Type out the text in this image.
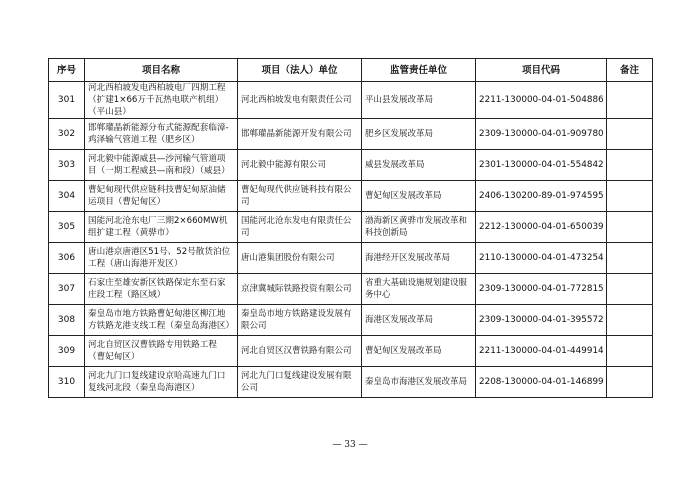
序号	项目名称	项目（法人）单位	监管责任单位	项目代码	备注
301	河北西柏坡发电西柏坡电厂四期工程（扩建1×66万千瓦热电联产机组）（平山县）	河北西柏坡发电有限责任公司	平山县发展改革局	2211-130000-04-01-504886	
302	邯郸瓘晶新能源分布式能源配套临漳-鸡泽输气管道工程（肥乡区）	邯郸瓘晶新能源开发有限公司	肥乡区发展改革局	2309-130000-04-01-909780	
303	河北毅中能源威县—沙河输气管道项目（一期工程威县—南和段）（威县）	河北毅中能源有限公司	威县发展改革局	2301-130000-04-01-554842	
304	曹妃甸现代供应链科技曹妃甸原油储运项目（曹妃甸区）	曹妃甸现代供应链科技有限公司	曹妃甸区发展改革局	2406-130200-89-01-974595	
305	国能河北沧东电厂三期2×660MW机组扩建工程（黄骅市）	国能河北沧东发电有限责任公司	渤海新区黄骅市发展改革和科技创新局	2212-130000-04-01-650039	
306	唐山港京唐港区51号、52号散货泊位工程（唐山海港开发区）	唐山港集团股份有限公司	海港经开区发展改革局	2110-130000-04-01-473254	
307	石家庄至雄安新区铁路保定东至石家庄段工程（路区域）	京津冀城际铁路投资有限公司	省重大基础设施规划建设服务中心	2309-130000-04-01-772815	
308	秦皇岛市地方铁路曹妃甸港区柳江地方铁路龙港支线工程（秦皇岛海港区）	秦皇岛市地方铁路建设发展有限公司	海港区发展改革局	2309-130000-04-01-395572	
309	河北自贸区汉曹铁路专用铁路工程（曹妃甸区）	河北自贸区汉曹铁路有限公司	曹妃甸区发展改革局	2211-130000-04-01-449914	
310	河北九门口复线建设京哈高速九门口复线河北段（秦皇岛海港区）	河北九门口复线建设发展有限公司	秦皇岛市海港区发展改革局	2208-130000-04-01-146899	
— 33 —
